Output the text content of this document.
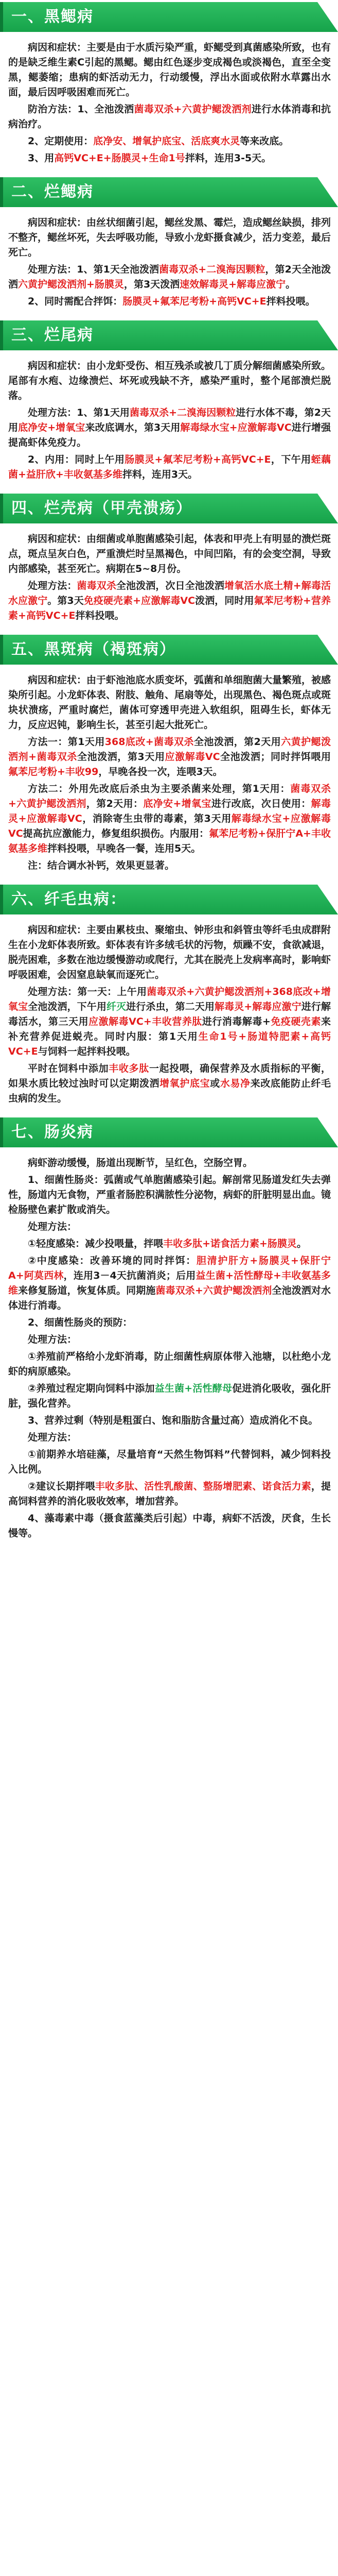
一、黑鳃病

病因和症状：主要是由于水质污染严重，虾鳃受到真菌感染所致，也有的是缺乏维生素C引起的黑鳃。鳃由红色逐步变成褐色或淡褐色，直至全变黑，鳃萎缩；患病的虾活动无力，行动缓慢，浮出水面或依附水草露出水面，最后因呼吸困难而死亡。

防治方法：1、全池泼洒菌毒双杀+六黄护鳃泼洒剂进行水体消毒和抗病治疗。

2、定期使用：底净安、增氧护底宝、活底爽水灵等来改底。

3、用高钙VC+E+肠膜灵+生命1号拌料，连用3-5天。

二、烂鳃病

病因和症状：由丝状细菌引起，鳃丝发黑、霉烂，造成鳃丝缺损，排列不整齐，鳃丝坏死，失去呼吸功能，导致小龙虾摄食减少，活力变差，最后死亡。

处理方法：1、第1天全池泼洒菌毒双杀+二溴海因颗粒，第2天全池泼洒六黄护鳃泼洒剂+肠膜灵，第3天泼洒速效解毒灵+解毒应激宁。

2、同时需配合拌饵：肠膜灵+氟苯尼考粉+高钙VC+E拌料投喂。

三、烂尾病

病因和症状：由小龙虾受伤、相互残杀或被几丁质分解细菌感染所致。尾部有水疱、边缘溃烂、坏死或残缺不齐，感染严重时，整个尾部溃烂脱落。

处理方法：1、第1天用菌毒双杀+二溴海因颗粒进行水体不毒，第2天用底净安+增氧宝来改底调水，第3天用解毒绿水宝+应激解毒VC进行增强提高虾体免疫力。

2、内用：同时上午用肠膜灵+氟苯尼考粉+高钙VC+E，下午用蛭藕菌+益肝欣+丰收氨基多维拌料，连用3天。

四、烂壳病（甲壳溃疡）

病因和症状：由细菌或单胞菌感染引起，体表和甲壳上有明显的溃烂斑点，斑点呈灰白色，严重溃烂时呈黑褐色，中间凹陷，有的会变空洞，导致内部感染，甚至死亡。病期在5~8月份。

处理方法：菌毒双杀全池泼洒，次日全池泼洒增氧活水底土精+解毒活水应激宁。第3天免疫硬壳素+应激解毒VC泼洒，同时用氟苯尼考粉+营养素+高钙VC+E拌料投喂。

五、黑斑病（褐斑病）

病因和症状：由于虾池池底水质变坏，弧菌和单细胞菌大量繁殖，被感染所引起。小龙虾体表、附肢、触角、尾扇等处，出现黑色、褐色斑点或斑块状溃疡，严重时腐烂，菌体可穿透甲壳进入软组织，阻碍生长，虾体无力，反应迟钝，影响生长，甚至引起大批死亡。

方法一：第1天用368底改+菌毒双杀全池泼洒，第2天用六黄护鳃泼洒剂+菌毒双杀全池泼洒，第3天用应激解毒VC全池泼洒；同时拌饵喂用氟苯尼考粉+丰收99，早晚各投一次，连喂3天。

方法二：外用先改底后杀虫为主要杀菌来处理，第1天用：菌毒双杀+六黄护鳃泼洒剂，第2天用：底净安+增氧宝进行改底，次日使用：解毒灵+应激解毒VC，消除寄生虫带的毒素，第3天用解毒绿水宝+应激解毒VC提高抗应激能力，修复组织损伤。内服用：氟苯尼考粉+保肝宁A+丰收氨基多维拌料投喂，早晚各一餐，连用5天。

注：结合调水补钙，效果更显著。

六、纤毛虫病：

病因和症状：主要由累枝虫、聚缩虫、钟形虫和斜管虫等纤毛虫成群附生在小龙虾体表所致。虾体表有许多绒毛状的污物，烦躁不安，食欲减退，脱壳困难，多数在池边缓慢游动或爬行，尤其在脱壳上发病率高时，影响虾呼吸困难，会因窒息缺氧而逐死亡。

处理方法：第一天：上午用菌毒双杀+六黄护鳃泼洒剂+368底改+增氧宝全池泼洒，下午用纤灭进行杀虫，第二天用解毒灵+解毒应激宁进行解毒活水，第三天用应激解毒VC+丰收营养肽进行消毒解毒+免疫硬壳素来补充营养促进蜕壳。同时内服：第1天用生命1号+肠道特肥素+高钙VC+E与饲料一起拌料投喂。

平时在饲料中添加丰收多肽一起投喂，确保营养及水质指标的平衡，如果水质比较过浊时可以定期泼洒增氧护底宝或水易净来改底能防止纤毛虫病的发生。

七、肠炎病

病虾游动缓慢，肠道出现断节，呈红色，空肠空胃。

1、细菌性肠炎：弧菌或气单胞菌感染引起。解剖常见肠道发红失去弹性，肠道内无食物，严重者肠腔积满脓性分泌物，病虾的肝脏明显出血。镜检肠壁色素扩散或消失。

处理方法：

①轻度感染：减少投喂量，拌喂丰收多肽+诺食活力素+肠膜灵。

②中度感染：改善环境的同时拌饵：胆清护肝方+肠膜灵+保肝宁A+阿莫西林，连用3－4天抗菌消炎；后用益生菌+活性酵母+丰收氨基多维来修复肠道，恢复体质。同期施菌毒双杀+六黄护鳃泼洒剂全池泼洒对水体进行消毒。

2、细菌性肠炎的预防：

处理方法：

①养殖前严格给小龙虾消毒，防止细菌性病原体带入池塘，以杜绝小龙虾的病原感染。

②养殖过程定期向饲料中添加益生菌+活性酵母促进消化吸收，强化肝脏，强化营养。

3、营养过剩（特别是粗蛋白、饱和脂肪含量过高）造成消化不良。

处理方法：

①前期养水培硅藻，尽量培育“天然生物饵料”代替饲料，减少饲料投入比例。

②建议长期拌喂丰收多肽、活性乳酸菌、整肠增肥素、诺食活力素，提高饲料营养的消化吸收效率，增加营养。

4、藻毒素中毒（摄食蓝藻类后引起）中毒，病虾不活泼，厌食，生长慢等。
